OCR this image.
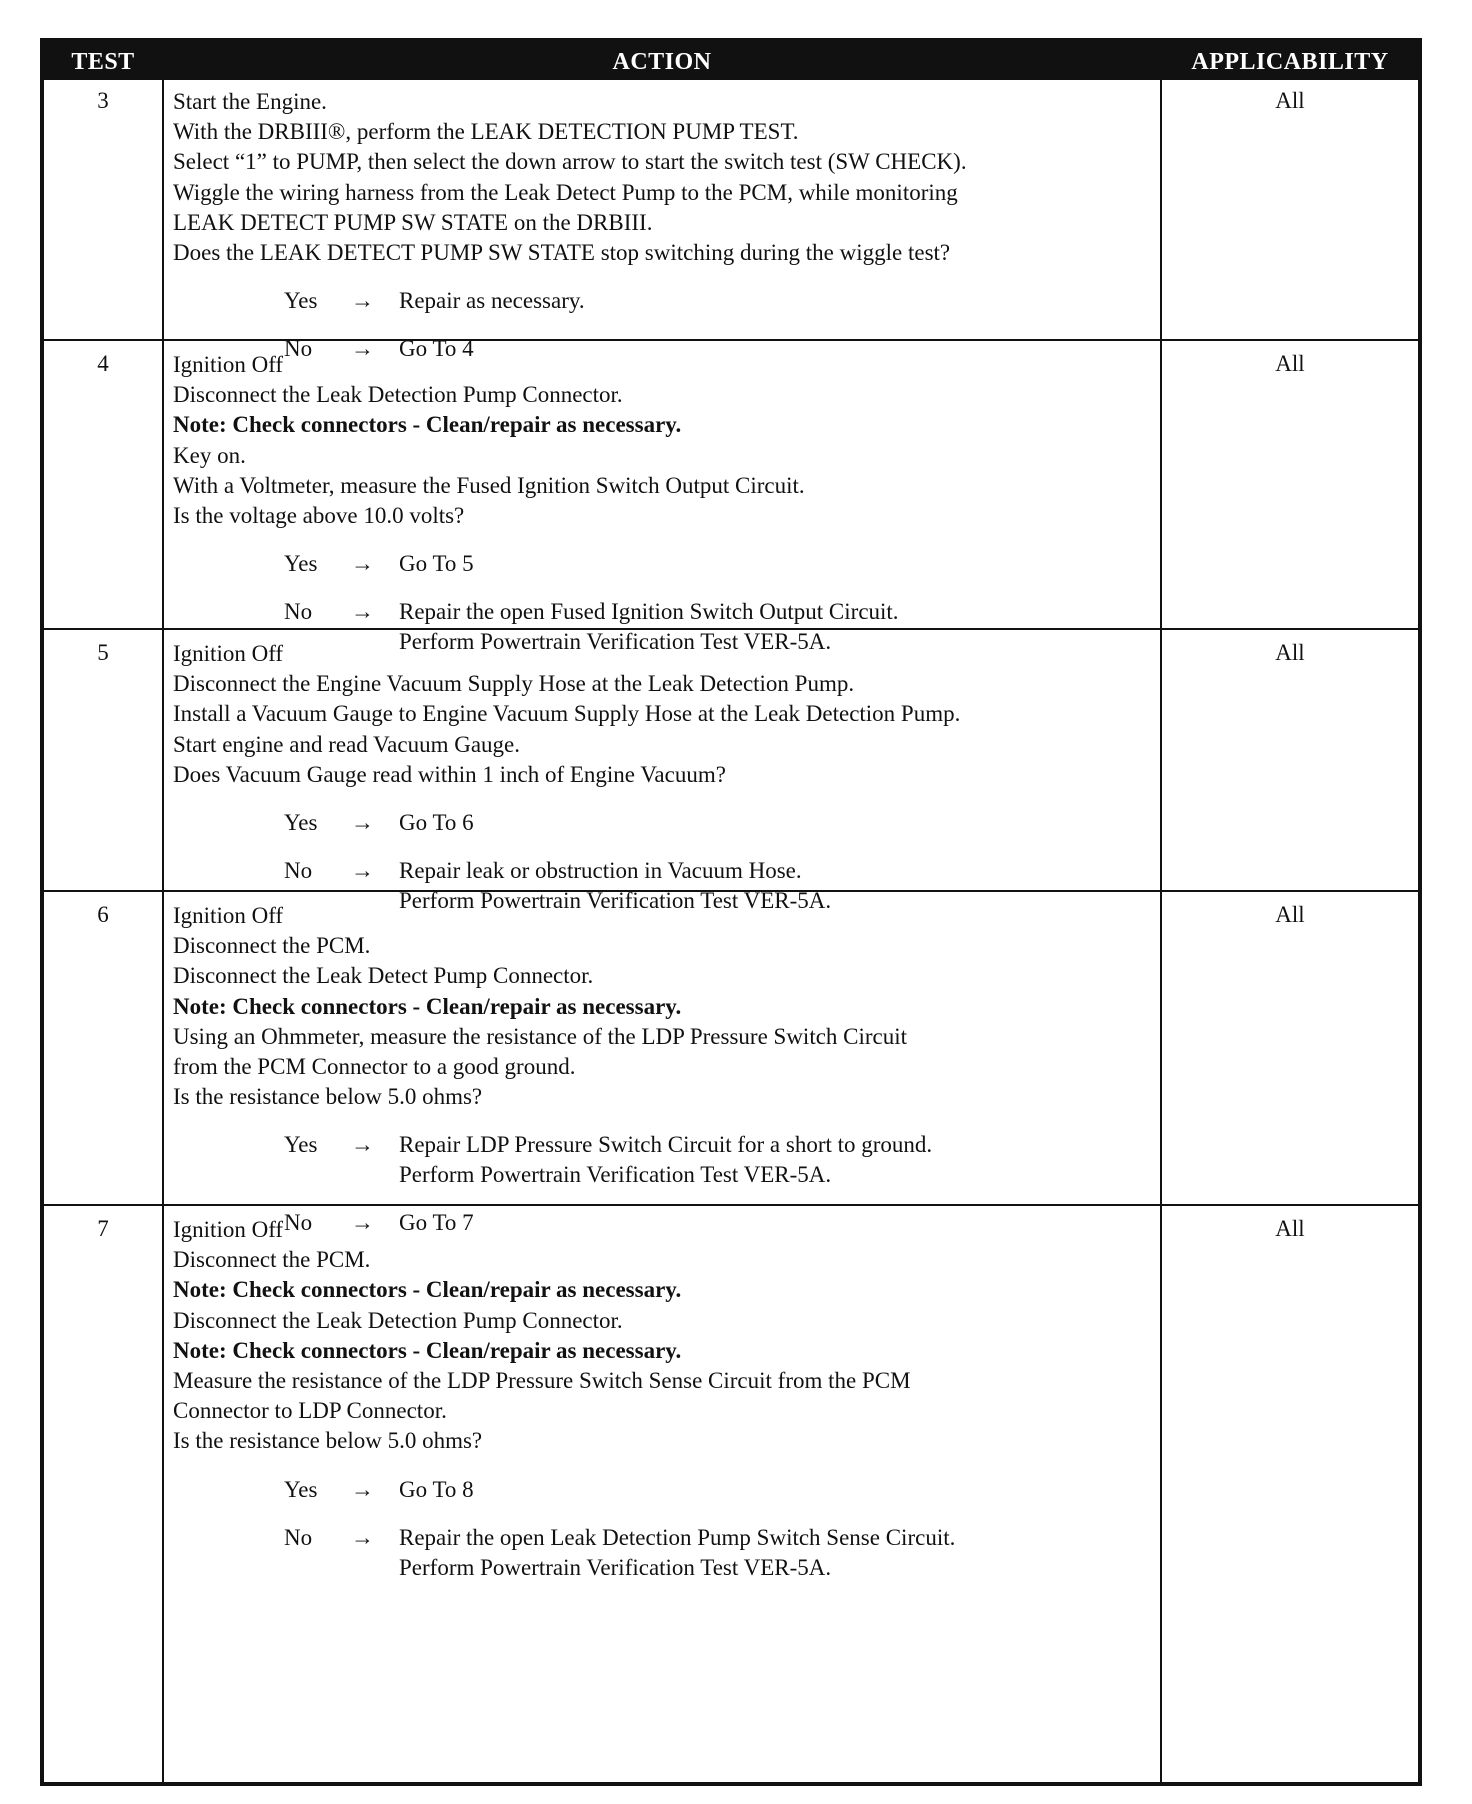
TEST	ACTION	APPLICABILITY
3	Start the Engine.
With the DRBIII®, perform the LEAK DETECTION PUMP TEST.
Select “1” to PUMP, then select the down arrow to start the switch test (SW CHECK).
Wiggle the wiring harness from the Leak Detect Pump to the PCM, while monitoring
LEAK DETECT PUMP SW STATE on the DRBIII.
Does the LEAK DETECT PUMP SW STATE stop switching during the wiggle test?
Yes → Repair as necessary.
No → Go To 4
All
4	Ignition Off
Disconnect the Leak Detection Pump Connector.
Note: Check connectors - Clean/repair as necessary.
Key on.
With a Voltmeter, measure the Fused Ignition Switch Output Circuit.
Is the voltage above 10.0 volts?
Yes → Go To 5
No → Repair the open Fused Ignition Switch Output Circuit.
Perform Powertrain Verification Test VER-5A.
All
5	Ignition Off
Disconnect the Engine Vacuum Supply Hose at the Leak Detection Pump.
Install a Vacuum Gauge to Engine Vacuum Supply Hose at the Leak Detection Pump.
Start engine and read Vacuum Gauge.
Does Vacuum Gauge read within 1 inch of Engine Vacuum?
Yes → Go To 6
No → Repair leak or obstruction in Vacuum Hose.
Perform Powertrain Verification Test VER-5A.
All
6	Ignition Off
Disconnect the PCM.
Disconnect the Leak Detect Pump Connector.
Note: Check connectors - Clean/repair as necessary.
Using an Ohmmeter, measure the resistance of the LDP Pressure Switch Circuit
from the PCM Connector to a good ground.
Is the resistance below 5.0 ohms?
Yes → Repair LDP Pressure Switch Circuit for a short to ground.
Perform Powertrain Verification Test VER-5A.
No → Go To 7
All
7	Ignition Off
Disconnect the PCM.
Note: Check connectors - Clean/repair as necessary.
Disconnect the Leak Detection Pump Connector.
Note: Check connectors - Clean/repair as necessary.
Measure the resistance of the LDP Pressure Switch Sense Circuit from the PCM
Connector to LDP Connector.
Is the resistance below 5.0 ohms?
Yes → Go To 8
No → Repair the open Leak Detection Pump Switch Sense Circuit.
Perform Powertrain Verification Test VER-5A.
All
